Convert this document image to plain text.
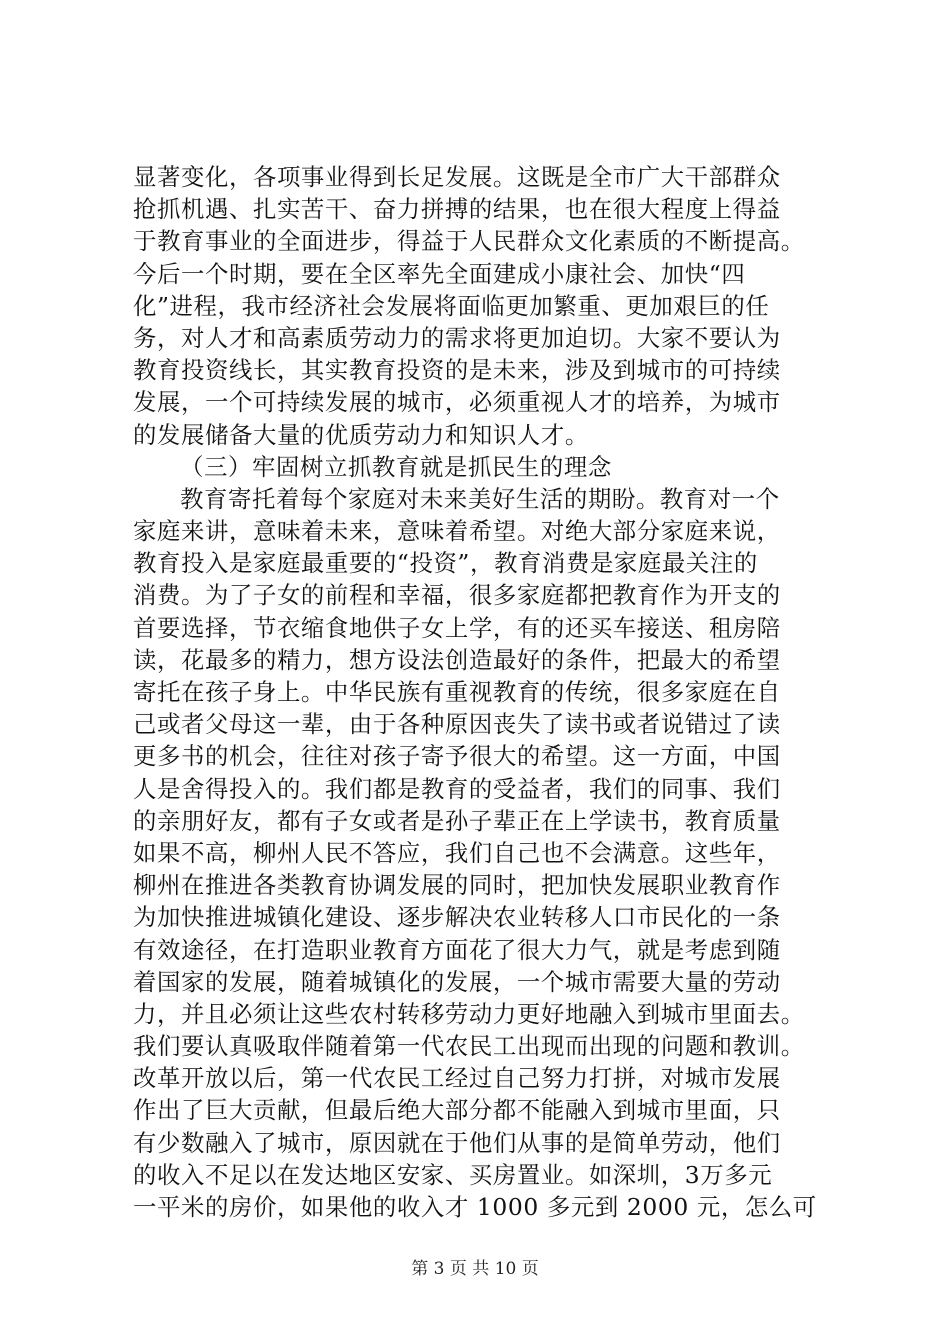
显著变化，各项事业得到长足发展。这既是全市广大干部群众
抢抓机遇、扎实苦干、奋力拼搏的结果，也在很大程度上得益
于教育事业的全面进步，得益于人民群众文化素质的不断提高。
今后一个时期，要在全区率先全面建成小康社会、加快“四
化”进程，我市经济社会发展将面临更加繁重、更加艰巨的任
务，对人才和高素质劳动力的需求将更加迫切。大家不要认为
教育投资线长，其实教育投资的是未来，涉及到城市的可持续
发展，一个可持续发展的城市，必须重视人才的培养，为城市
的发展储备大量的优质劳动力和知识人才。
（三）牢固树立抓教育就是抓民生的理念
教育寄托着每个家庭对未来美好生活的期盼。教育对一个
家庭来讲，意味着未来，意味着希望。对绝大部分家庭来说，
教育投入是家庭最重要的“投资”，教育消费是家庭最关注的
消费。为了子女的前程和幸福，很多家庭都把教育作为开支的
首要选择，节衣缩食地供子女上学，有的还买车接送、租房陪
读，花最多的精力，想方设法创造最好的条件，把最大的希望
寄托在孩子身上。中华民族有重视教育的传统，很多家庭在自
己或者父母这一辈，由于各种原因丧失了读书或者说错过了读
更多书的机会，往往对孩子寄予很大的希望。这一方面，中国
人是舍得投入的。我们都是教育的受益者，我们的同事、我们
的亲朋好友，都有子女或者是孙子辈正在上学读书，教育质量
如果不高，柳州人民不答应，我们自己也不会满意。这些年，
柳州在推进各类教育协调发展的同时，把加快发展职业教育作
为加快推进城镇化建设、逐步解决农业转移人口市民化的一条
有效途径，在打造职业教育方面花了很大力气，就是考虑到随
着国家的发展，随着城镇化的发展，一个城市需要大量的劳动
力，并且必须让这些农村转移劳动力更好地融入到城市里面去。
我们要认真吸取伴随着第一代农民工出现而出现的问题和教训。
改革开放以后，第一代农民工经过自己努力打拼，对城市发展
作出了巨大贡献，但最后绝大部分都不能融入到城市里面，只
有少数融入了城市，原因就在于他们从事的是简单劳动，他们
的收入不足以在发达地区安家、买房置业。如深圳，3万多元
一平米的房价，如果他的收入才 1000 多元到 2000 元，怎么可
第 3 页 共 10 页
